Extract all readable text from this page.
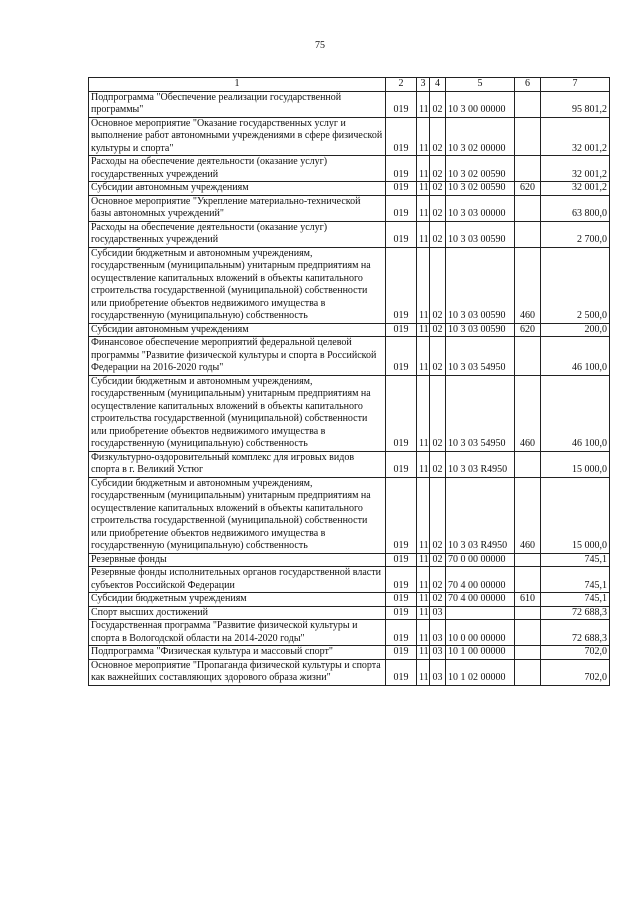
75
1	2	3	4	5	6	7
Подпрограмма "Обеспечение реализации государственной программы"	019	11	02	10 3 00 00000		95 801,2
Основное мероприятие "Оказание государственных услуг и выполнение работ автономными учреждениями в сфере физической культуры и спорта"	019	11	02	10 3 02 00000		32 001,2
Расходы на обеспечение деятельности (оказание услуг) государственных учреждений	019	11	02	10 3 02 00590		32 001,2
Субсидии автономным учреждениям	019	11	02	10 3 02 00590	620	32 001,2
Основное мероприятие "Укрепление материально-технической базы автономных учреждений"	019	11	02	10 3 03 00000		63 800,0
Расходы на обеспечение деятельности (оказание услуг) государственных учреждений	019	11	02	10 3 03 00590		2 700,0
Субсидии бюджетным и автономным учреждениям, государственным (муниципальным) унитарным предприятиям на осуществление капитальных вложений в объекты капитального строительства государственной (муниципальной) собственности или приобретение объектов недвижимого имущества в государственную (муниципальную) собственность	019	11	02	10 3 03 00590	460	2 500,0
Субсидии автономным учреждениям	019	11	02	10 3 03 00590	620	200,0
Финансовое обеспечение мероприятий федеральной целевой программы "Развитие физической культуры и спорта в Российской Федерации на 2016-2020 годы"	019	11	02	10 3 03 54950		46 100,0
Субсидии бюджетным и автономным учреждениям, государственным (муниципальным) унитарным предприятиям на осуществление капитальных вложений в объекты капитального строительства государственной (муниципальной) собственности или приобретение объектов недвижимого имущества в государственную (муниципальную) собственность	019	11	02	10 3 03 54950	460	46 100,0
Физкультурно-оздоровительный комплекс для игровых видов спорта в г. Великий Устюг	019	11	02	10 3 03 R4950		15 000,0
Субсидии бюджетным и автономным учреждениям, государственным (муниципальным) унитарным предприятиям на осуществление капитальных вложений в объекты капитального строительства государственной (муниципальной) собственности или приобретение объектов недвижимого имущества в государственную (муниципальную) собственность	019	11	02	10 3 03 R4950	460	15 000,0
Резервные фонды	019	11	02	70 0 00 00000		745,1
Резервные фонды исполнительных органов государственной власти субъектов Российской Федерации	019	11	02	70 4 00 00000		745,1
Субсидии бюджетным учреждениям	019	11	02	70 4 00 00000	610	745,1
Спорт высших достижений	019	11	03			72 688,3
Государственная программа "Развитие физической культуры и спорта в Вологодской области на 2014-2020 годы"	019	11	03	10 0 00 00000		72 688,3
Подпрограмма "Физическая культура и массовый спорт"	019	11	03	10 1 00 00000		702,0
Основное мероприятие "Пропаганда физической культуры и спорта как важнейших составляющих здорового образа жизни"	019	11	03	10 1 02 00000		702,0
